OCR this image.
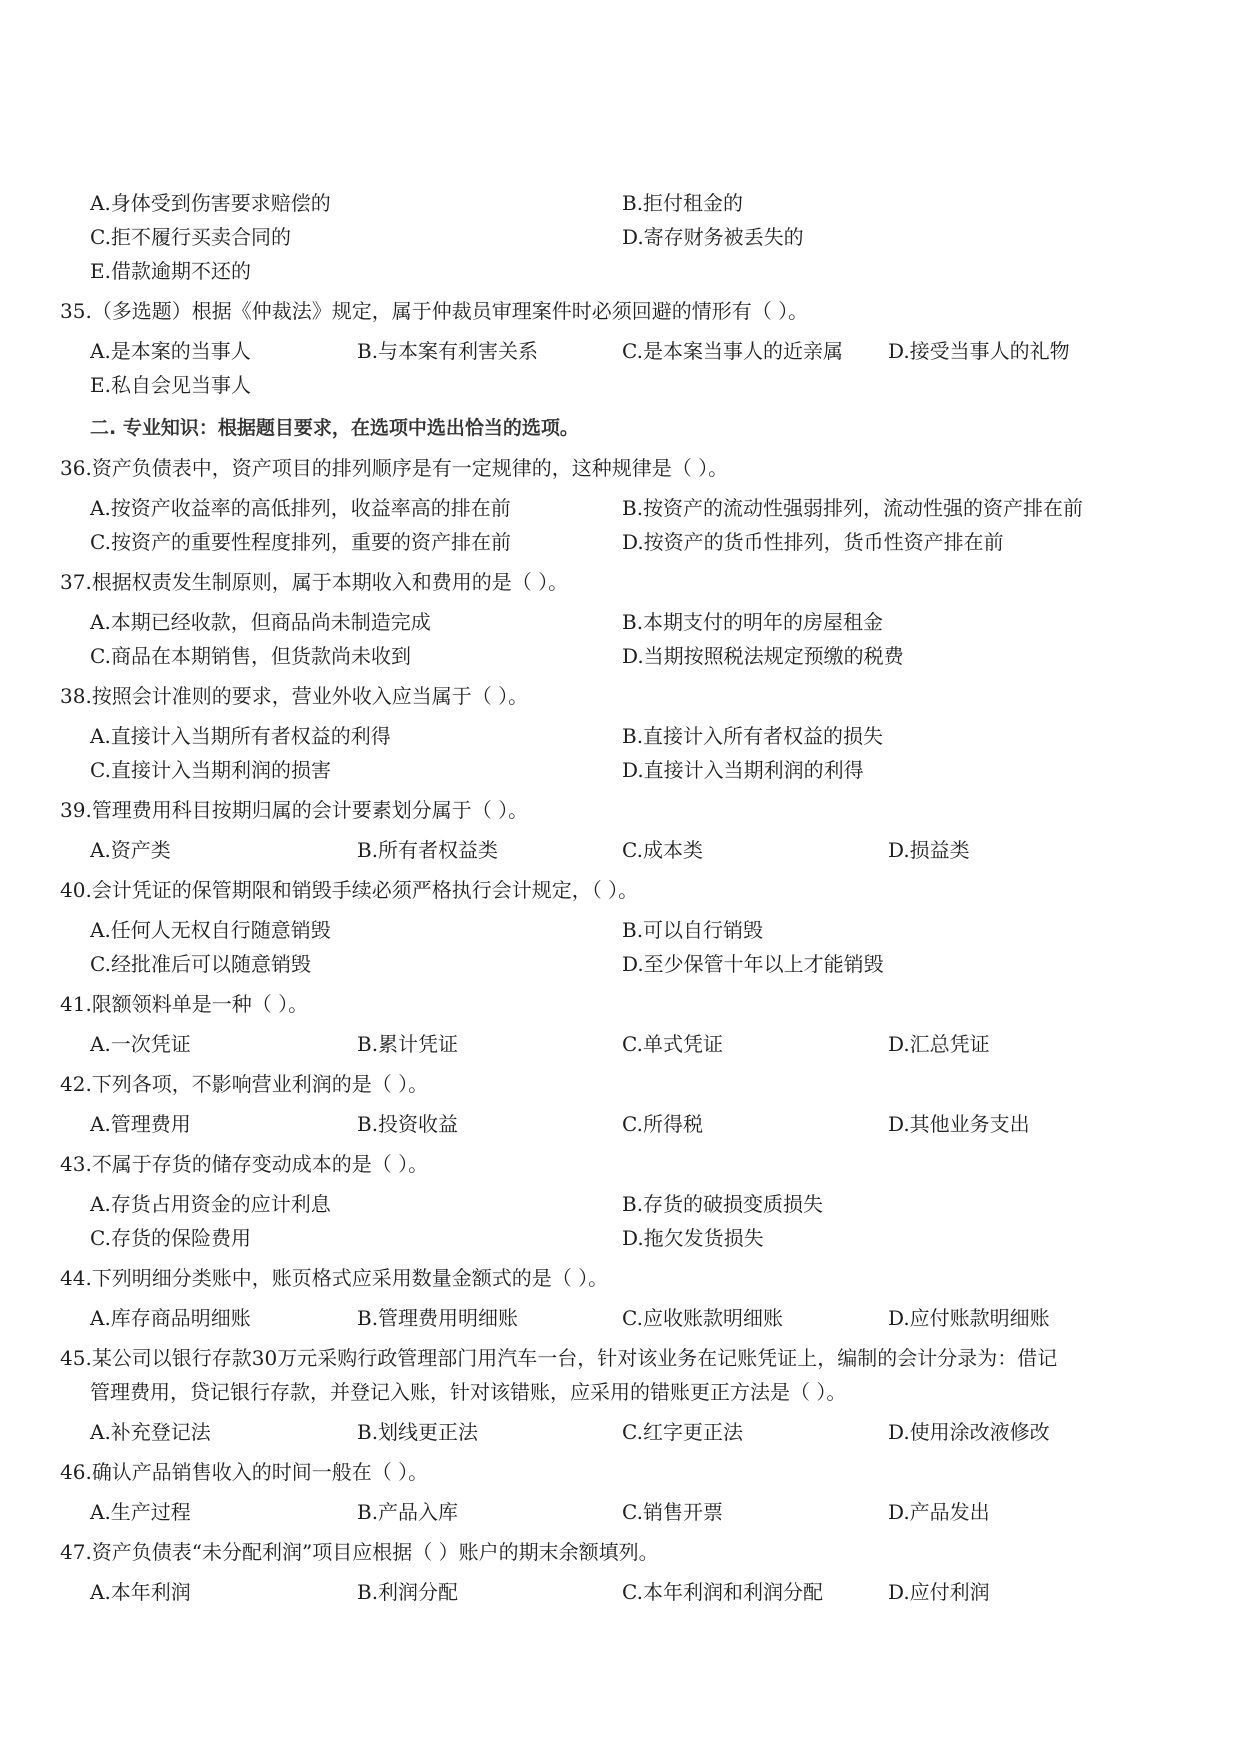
A.身体受到伤害要求赔偿的	B.拒付租金的
C.拒不履行买卖合同的	D.寄存财务被丢失的
E.借款逾期不还的
35.（多选题）根据《仲裁法》规定，属于仲裁员审理案件时必须回避的情形有（ ）。
A.是本案的当事人	B.与本案有利害关系	C.是本案当事人的近亲属 D.接受当事人的礼物
E.私自会见当事人
二. 专业知识：根据题目要求，在选项中选出恰当的选项。
36.资产负债表中，资产项目的排列顺序是有一定规律的，这种规律是（ ）。
A.按资产收益率的高低排列，收益率高的排在前	B.按资产的流动性强弱排列，流动性强的资产排在前
C.按资产的重要性程度排列，重要的资产排在前	D.按资产的货币性排列，货币性资产排在前
37.根据权责发生制原则，属于本期收入和费用的是（ ）。
A.本期已经收款，但商品尚未制造完成	B.本期支付的明年的房屋租金
C.商品在本期销售，但货款尚未收到	D.当期按照税法规定预缴的税费
38.按照会计准则的要求，营业外收入应当属于（ ）。
A.直接计入当期所有者权益的利得	B.直接计入所有者权益的损失
C.直接计入当期利润的损害	D.直接计入当期利润的利得
39.管理费用科目按期归属的会计要素划分属于（ ）。
A.资产类	B.所有者权益类	C.成本类	D.损益类
40.会计凭证的保管期限和销毁手续必须严格执行会计规定，（ ）。
A.任何人无权自行随意销毁	B.可以自行销毁
C.经批准后可以随意销毁	D.至少保管十年以上才能销毁
41.限额领料单是一种（ ）。
A.一次凭证	B.累计凭证	C.单式凭证	D.汇总凭证
42.下列各项，不影响营业利润的是（ ）。
A.管理费用	B.投资收益	C.所得税	D.其他业务支出
43.不属于存货的储存变动成本的是（ ）。
A.存货占用资金的应计利息	B.存货的破损变质损失
C.存货的保险费用	D.拖欠发货损失
44.下列明细分类账中，账页格式应采用数量金额式的是（ ）。
A.库存商品明细账	B.管理费用明细账	C.应收账款明细账	D.应付账款明细账
45.某公司以银行存款30万元采购行政管理部门用汽车一台，针对该业务在记账凭证上，编制的会计分录为：借记
管理费用，贷记银行存款，并登记入账，针对该错账，应采用的错账更正方法是（ ）。
A.补充登记法	B.划线更正法	C.红字更正法	D.使用涂改液修改
46.确认产品销售收入的时间一般在（ ）。
A.生产过程	B.产品入库	C.销售开票	D.产品发出
47.资产负债表“未分配利润”项目应根据（ ）账户的期末余额填列。
A.本年利润	B.利润分配	C.本年利润和利润分配	D.应付利润
